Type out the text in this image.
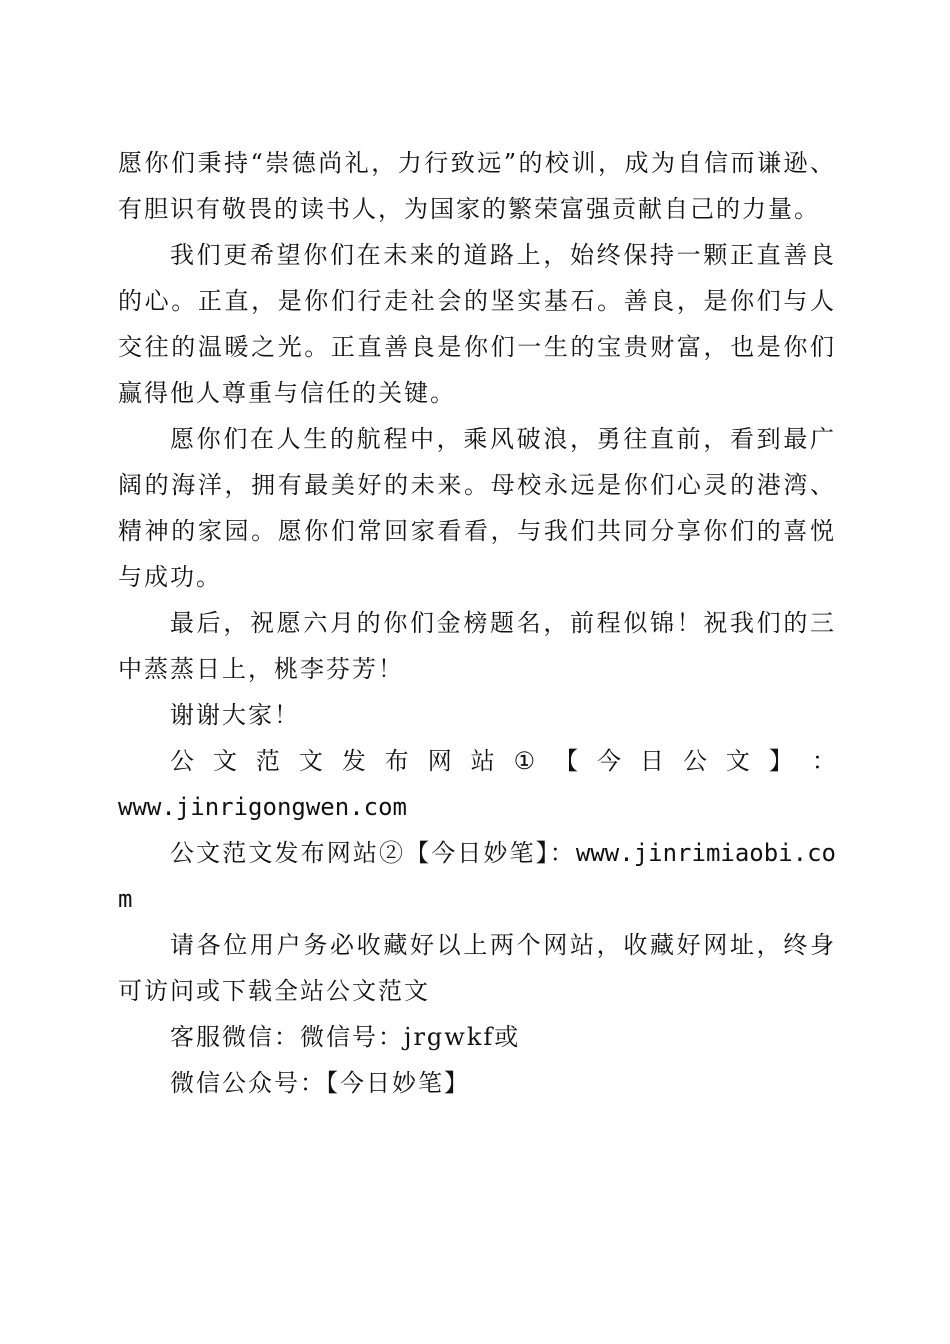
愿你们秉持“崇德尚礼，力行致远”的校训，成为自信而谦逊、有胆识有敬畏的读书人，为国家的繁荣富强贡献自己的力量。

我们更希望你们在未来的道路上，始终保持一颗正直善良的心。正直，是你们行走社会的坚实基石。善良，是你们与人交往的温暖之光。正直善良是你们一生的宝贵财富，也是你们赢得他人尊重与信任的关键。

愿你们在人生的航程中，乘风破浪，勇往直前，看到最广阔的海洋，拥有最美好的未来。母校永远是你们心灵的港湾、精神的家园。愿你们常回家看看，与我们共同分享你们的喜悦与成功。

最后，祝愿六月的你们金榜题名，前程似锦！祝我们的三中蒸蒸日上，桃李芬芳！

谢谢大家！

公 文 范 文 发 布 网 站 ① 【 今 日 公 文 】 ：

www.jinrigongwen.com

公文范文发布网站②【今日妙笔】：www.jinrimiaobi.com

请各位用户务必收藏好以上两个网站，收藏好网址，终身可访问或下载全站公文范文

客服微信：微信号：jrgwkf或

微信公众号：【今日妙笔】
